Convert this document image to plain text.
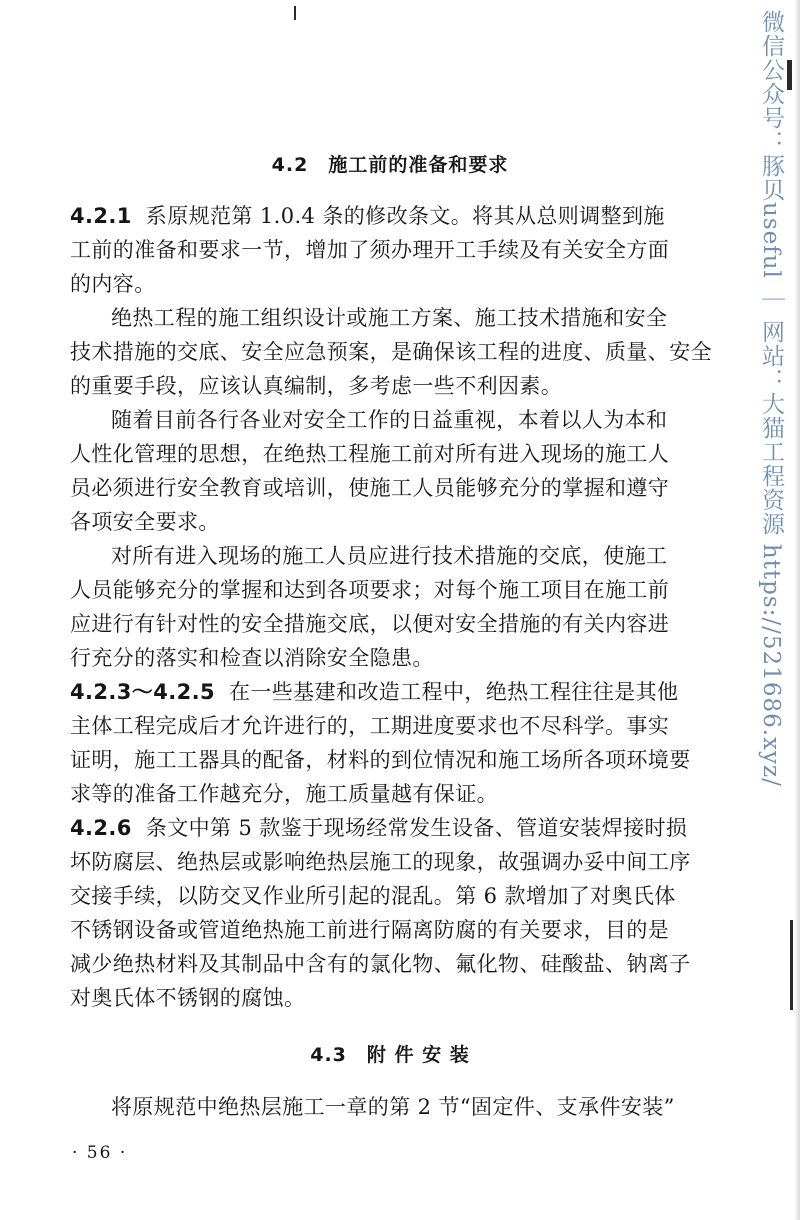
4.2　施工前的准备和要求
4.2.1 系原规范第 1.0.4 条的修改条文。将其从总则调整到施
工前的准备和要求一节，增加了须办理开工手续及有关安全方面
的内容。
绝热工程的施工组织设计或施工方案、施工技术措施和安全
技术措施的交底、安全应急预案，是确保该工程的进度、质量、安全
的重要手段，应该认真编制，多考虑一些不利因素。
随着目前各行各业对安全工作的日益重视，本着以人为本和
人性化管理的思想，在绝热工程施工前对所有进入现场的施工人
员必须进行安全教育或培训，使施工人员能够充分的掌握和遵守
各项安全要求。
对所有进入现场的施工人员应进行技术措施的交底，使施工
人员能够充分的掌握和达到各项要求；对每个施工项目在施工前
应进行有针对性的安全措施交底，以便对安全措施的有关内容进
行充分的落实和检查以消除安全隐患。
4.2.3～4.2.5 在一些基建和改造工程中，绝热工程往往是其他
主体工程完成后才允许进行的，工期进度要求也不尽科学。事实
证明，施工工器具的配备，材料的到位情况和施工场所各项环境要
求等的准备工作越充分，施工质量越有保证。
4.2.6 条文中第 5 款鉴于现场经常发生设备、管道安装焊接时损
坏防腐层、绝热层或影响绝热层施工的现象，故强调办妥中间工序
交接手续，以防交叉作业所引起的混乱。第 6 款增加了对奥氏体
不锈钢设备或管道绝热施工前进行隔离防腐的有关要求，目的是
减少绝热材料及其制品中含有的氯化物、氟化物、硅酸盐、钠离子
对奥氏体不锈钢的腐蚀。
4.3　附 件 安 装
将原规范中绝热层施工一章的第 2 节“固定件、支承件安装”
· 56 ·
微信公众号：豚贝useful ｜ 网站：大猫工程资源 https://521686.xyz/
